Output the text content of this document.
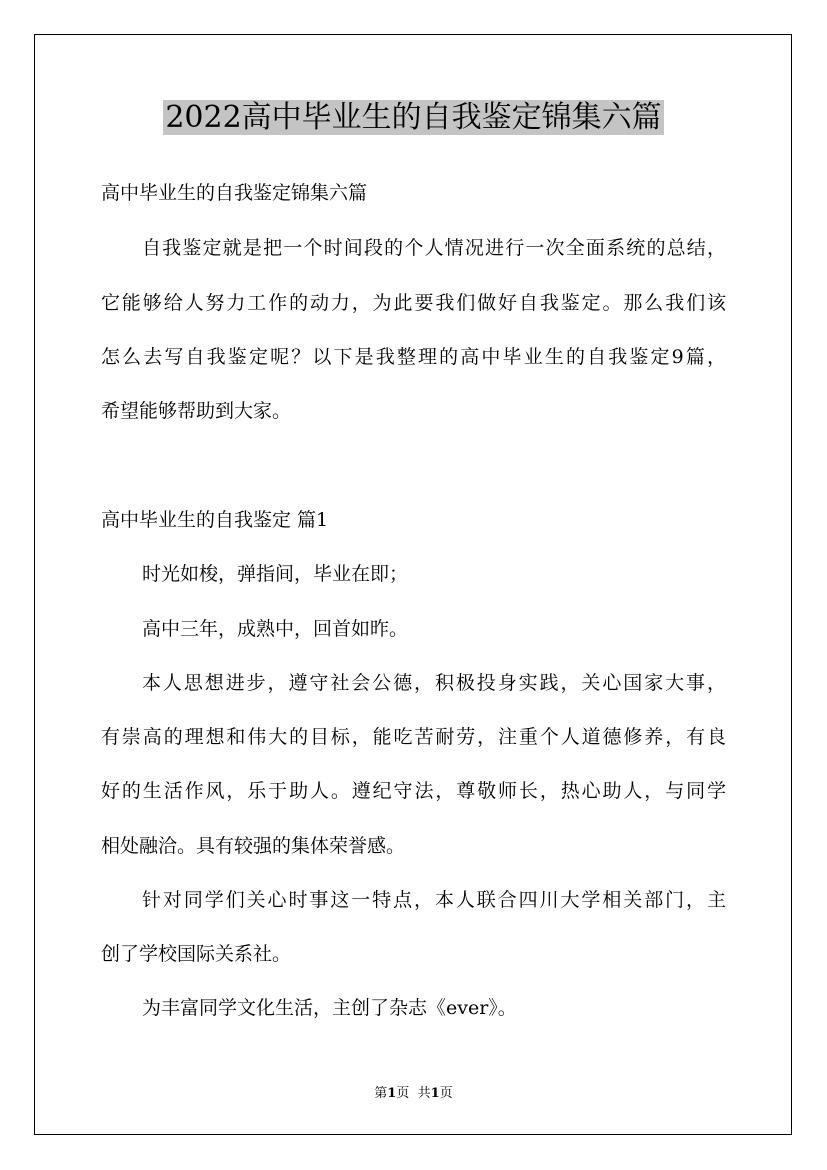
2022高中毕业生的自我鉴定锦集六篇
高中毕业生的自我鉴定锦集六篇
自我鉴定就是把一个时间段的个人情况进行一次全面系统的总结，
它能够给人努力工作的动力，为此要我们做好自我鉴定。那么我们该
怎么去写自我鉴定呢？以下是我整理的高中毕业生的自我鉴定9篇，
希望能够帮助到大家。
高中毕业生的自我鉴定 篇1
时光如梭，弹指间，毕业在即；
高中三年，成熟中，回首如昨。
本人思想进步，遵守社会公德，积极投身实践，关心国家大事，
有崇高的理想和伟大的目标，能吃苦耐劳，注重个人道德修养，有良
好的生活作风，乐于助人。遵纪守法，尊敬师长，热心助人，与同学
相处融洽。具有较强的集体荣誉感。
针对同学们关心时事这一特点，本人联合四川大学相关部门，主
创了学校国际关系社。
为丰富同学文化生活，主创了杂志《ever》。
第1页 共1页
